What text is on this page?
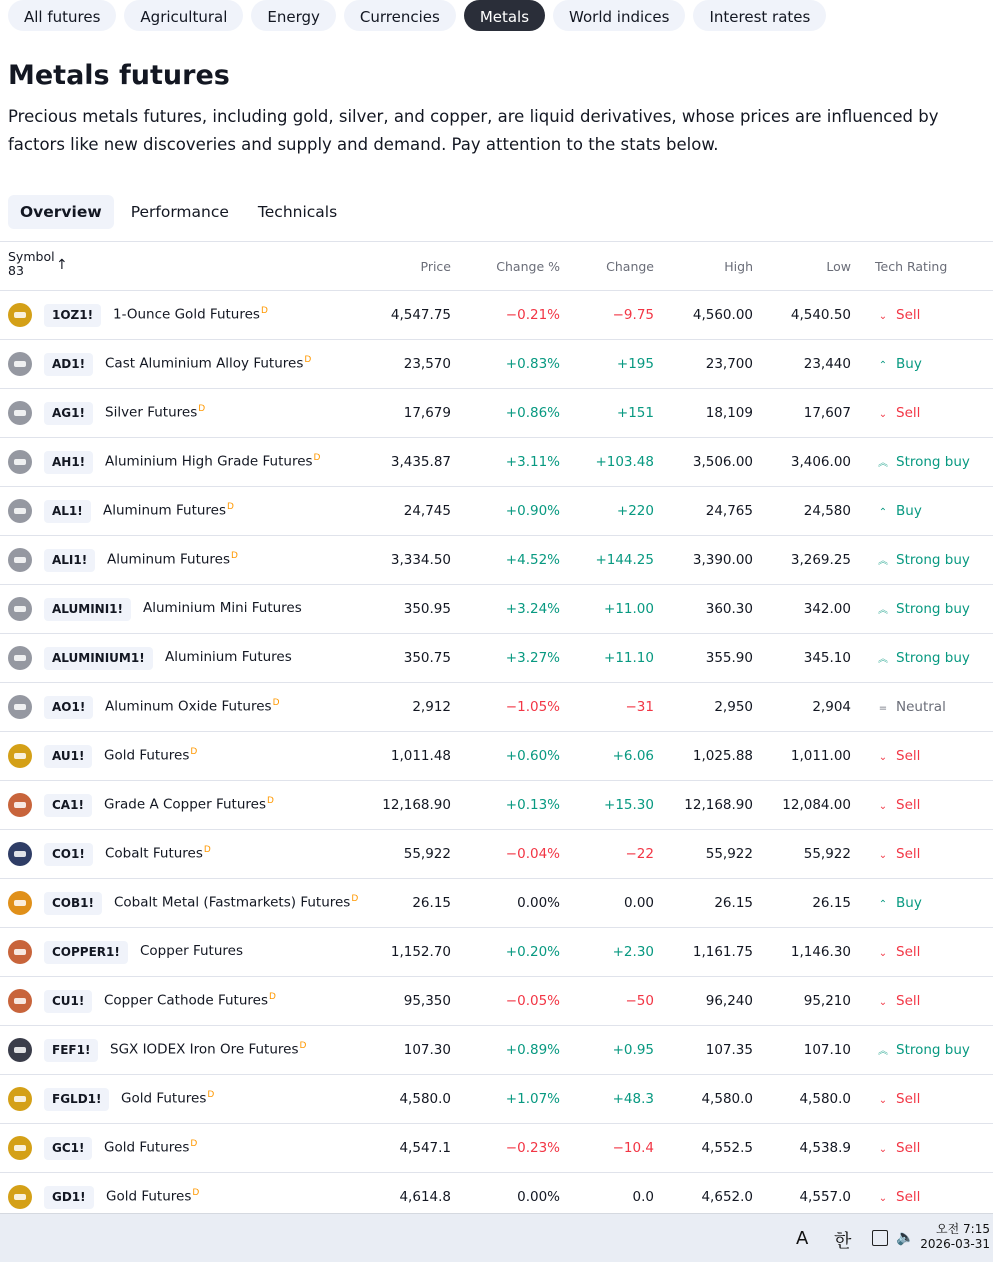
All futures	Agricultural	Energy	Currencies	Metals	World indices	Interest rates
Metals futures

Precious metals futures, including gold, silver, and copper, are liquid derivatives, whose prices are influenced by
factors like new discoveries and supply and demand. Pay attention to the stats below.

Overview	Performance	Technicals
Symbol
83	↑	Price	Change %	Change	High	Low Tech Rating
1OZ1!	1-Ounce Gold Futures$^D$	4,547.75	−0.21%	−9.75	4,560.00	4,540.50	⌄ Sell
AD1!	Cast Aluminium Alloy Futures$^D$	23,570	+0.83%	+195	23,700	23,440	⌃ Buy
AG1!	Silver Futures$^D$	17,679	+0.86%	+151	18,109	17,607	⌄ Sell
AH1!	Aluminium High Grade Futures$^D$	3,435.87	+3.11%	+103.48	3,506.00	3,406.00	︽ Strong buy
AL1!	Aluminum Futures$^D$	24,745	+0.90%	+220	24,765	24,580	⌃ Buy
ALI1!	Aluminum Futures$^D$	3,334.50	+4.52%	+144.25	3,390.00	3,269.25	︽ Strong buy
ALUMINI1!	Aluminium Mini Futures	350.95	+3.24%	+11.00	360.30	342.00	︽ Strong buy
ALUMINIUM1!	Aluminium Futures	350.75	+3.27%	+11.10	355.90	345.10	︽ Strong buy
AO1!	Aluminum Oxide Futures$^D$	2,912	−1.05%	−31	2,950	2,904	= Neutral
AU1!	Gold Futures$^D$	1,011.48	+0.60%	+6.06	1,025.88	1,011.00	⌄ Sell
CA1!	Grade A Copper Futures$^D$	12,168.90	+0.13%	+15.30 12,168.90 12,084.00	⌄ Sell
CO1!	Cobalt Futures$^D$	55,922	−0.04%	−22	55,922	55,922	⌄ Sell
COB1!	Cobalt Metal (Fastmarkets) Futures$^D$	26.15	0.00%	0.00	26.15	26.15	⌃ Buy
COPPER1!	Copper Futures	1,152.70	+0.20%	+2.30	1,161.75	1,146.30	⌄ Sell
CU1!	Copper Cathode Futures$^D$	95,350	−0.05%	−50	96,240	95,210	⌄ Sell
FEF1!	SGX IODEX Iron Ore Futures$^D$	107.30	+0.89%	+0.95	107.35	107.10	︽ Strong buy
FGLD1!	Gold Futures$^D$	4,580.0	+1.07%	+48.3	4,580.0	4,580.0	⌄ Sell
GC1!	Gold Futures$^D$	4,547.1	−0.23%	−10.4	4,552.5	4,538.9	⌄ Sell
GD1!	Gold Futures$^D$	4,614.8	0.00%	0.0	4,652.0	4,557.0	⌄ Sell
A 한	🔈	오전 7:15
2026-03-31
